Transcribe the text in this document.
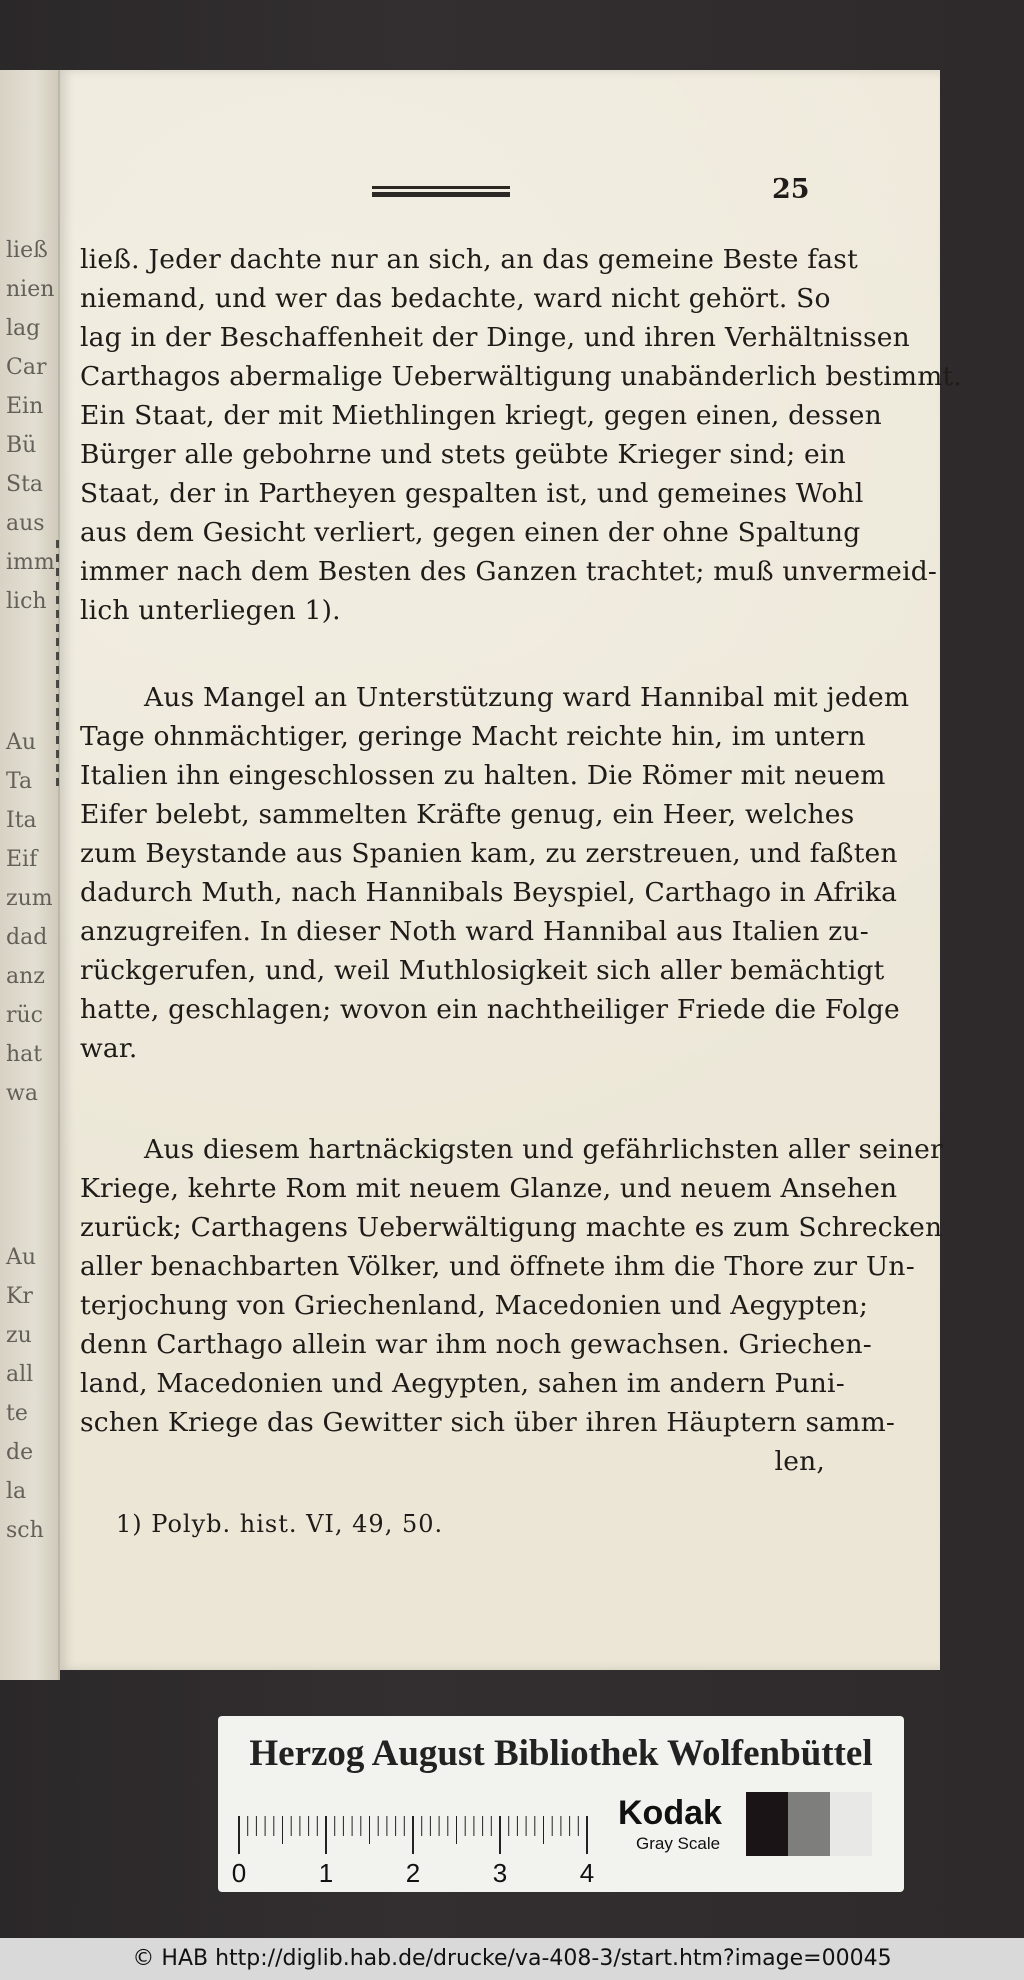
ließ
nien
lag
Car
Ein
Bü
Sta
aus
imm
lich
Au
Ta
Ita
Eif
zum
dad
anz
rüc
hat
wa
Au
Kr
zu
all
te
de
la
sch
25
ließ. Jeder dachte nur an sich, an das gemeine Beste fast
niemand, und wer das bedachte, ward nicht gehört. So
lag in der Beschaffenheit der Dinge, und ihren Verhältnissen
Carthagos abermalige Ueberwältigung unabänderlich bestimmt.
Ein Staat, der mit Miethlingen kriegt, gegen einen, dessen
Bürger alle gebohrne und stets geübte Krieger sind; ein
Staat, der in Partheyen gespalten ist, und gemeines Wohl
aus dem Gesicht verliert, gegen einen der ohne Spaltung
immer nach dem Besten des Ganzen trachtet; muß unvermeid-
lich unterliegen 1).
Aus Mangel an Unterstützung ward Hannibal mit jedem
Tage ohnmächtiger, geringe Macht reichte hin, im untern
Italien ihn eingeschlossen zu halten. Die Römer mit neuem
Eifer belebt, sammelten Kräfte genug, ein Heer, welches
zum Beystande aus Spanien kam, zu zerstreuen, und faßten
dadurch Muth, nach Hannibals Beyspiel, Carthago in Afrika
anzugreifen. In dieser Noth ward Hannibal aus Italien zu-
rückgerufen, und, weil Muthlosigkeit sich aller bemächtigt
hatte, geschlagen; wovon ein nachtheiliger Friede die Folge
war.
Aus diesem hartnäckigsten und gefährlichsten aller seiner
Kriege, kehrte Rom mit neuem Glanze, und neuem Ansehen
zurück; Carthagens Ueberwältigung machte es zum Schrecken
aller benachbarten Völker, und öffnete ihm die Thore zur Un-
terjochung von Griechenland, Macedonien und Aegypten;
denn Carthago allein war ihm noch gewachsen. Griechen-
land, Macedonien und Aegypten, sahen im andern Puni-
schen Kriege das Gewitter sich über ihren Häuptern samm-
len,
1) Polyb. hist. VI, 49, 50.
Herzog August Bibliothek Wolfenbüttel
0	1	2	3	4
Kodak
Gray Scale
© HAB http://diglib.hab.de/drucke/va-408-3/start.htm?image=00045
